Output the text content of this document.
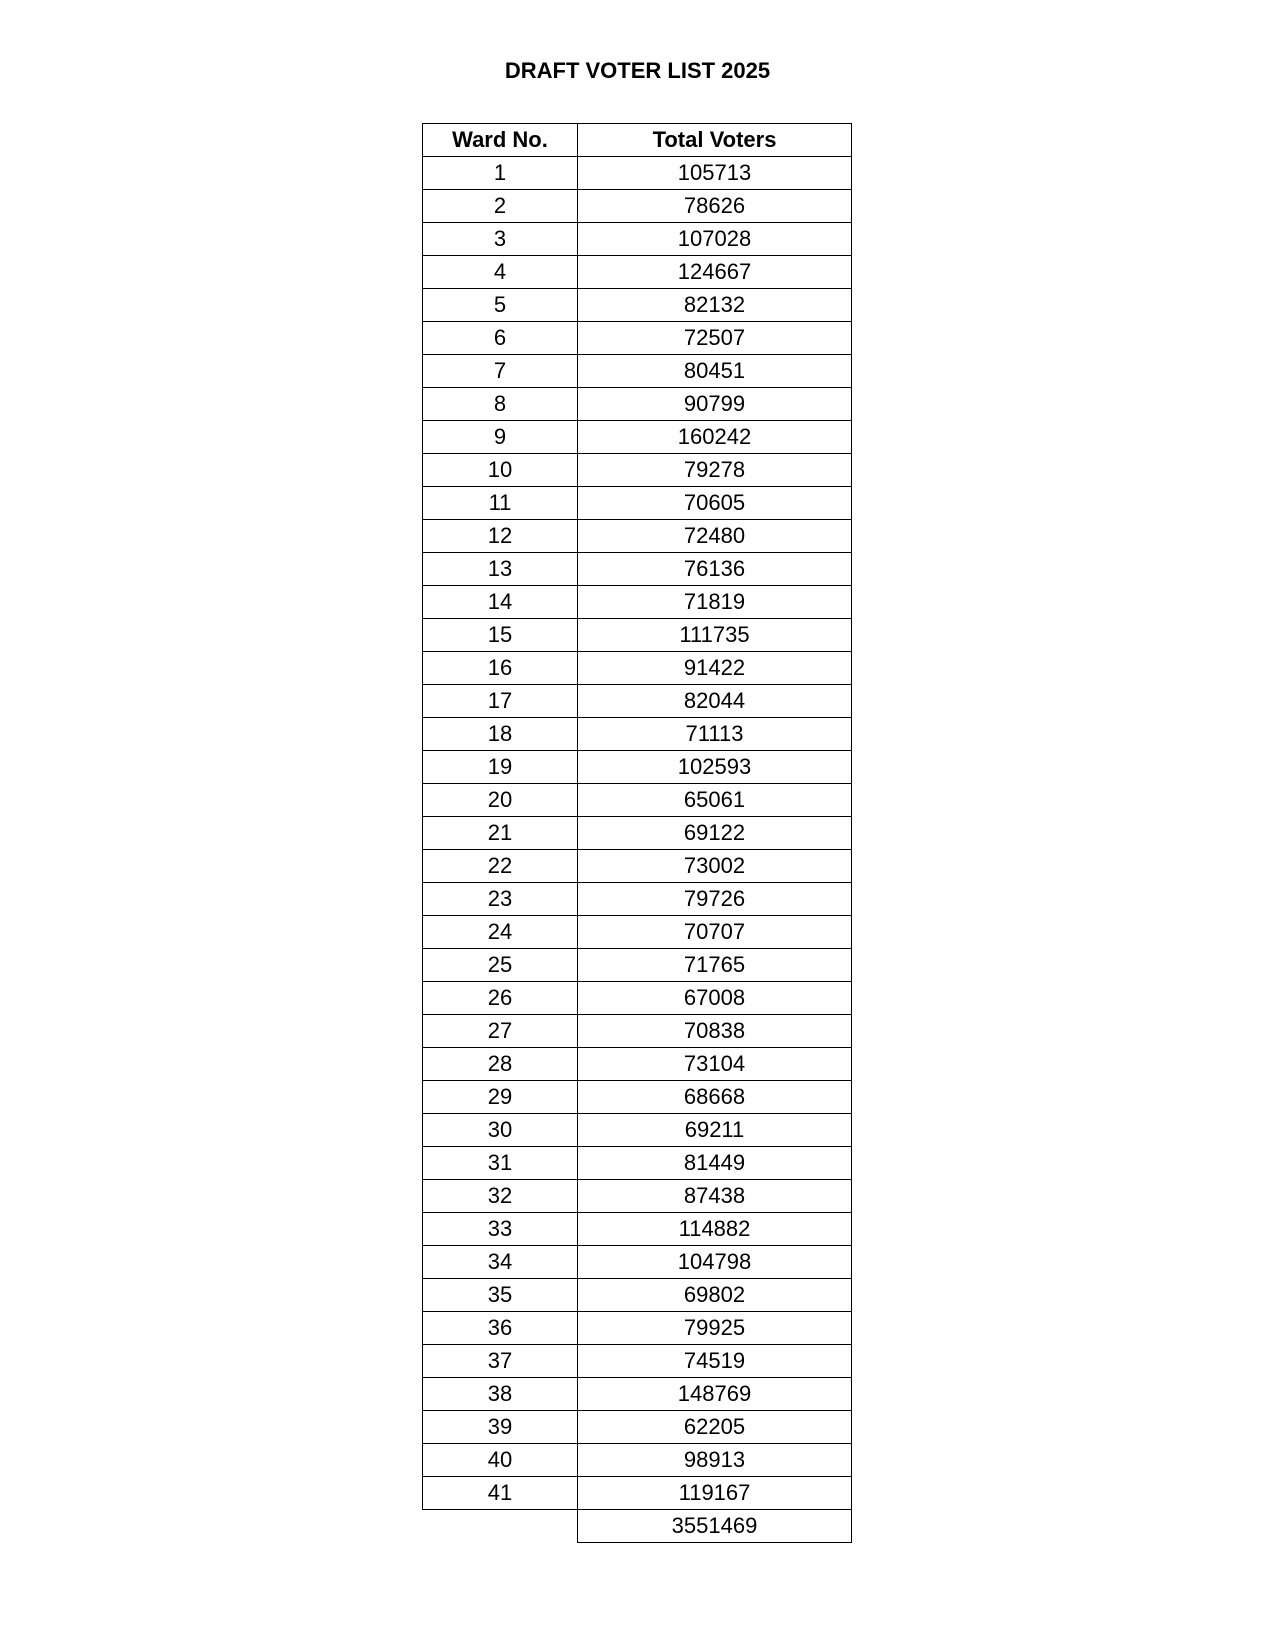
DRAFT VOTER LIST 2025
Ward No.	Total Voters
1	105713
2	78626
3	107028
4	124667
5	82132
6	72507
7	80451
8	90799
9	160242
10	79278
11	70605
12	72480
13	76136
14	71819
15	111735
16	91422
17	82044
18	71113
19	102593
20	65061
21	69122
22	73002
23	79726
24	70707
25	71765
26	67008
27	70838
28	73104
29	68668
30	69211
31	81449
32	87438
33	114882
34	104798
35	69802
36	79925
37	74519
38	148769
39	62205
40	98913
41	119167
	3551469
